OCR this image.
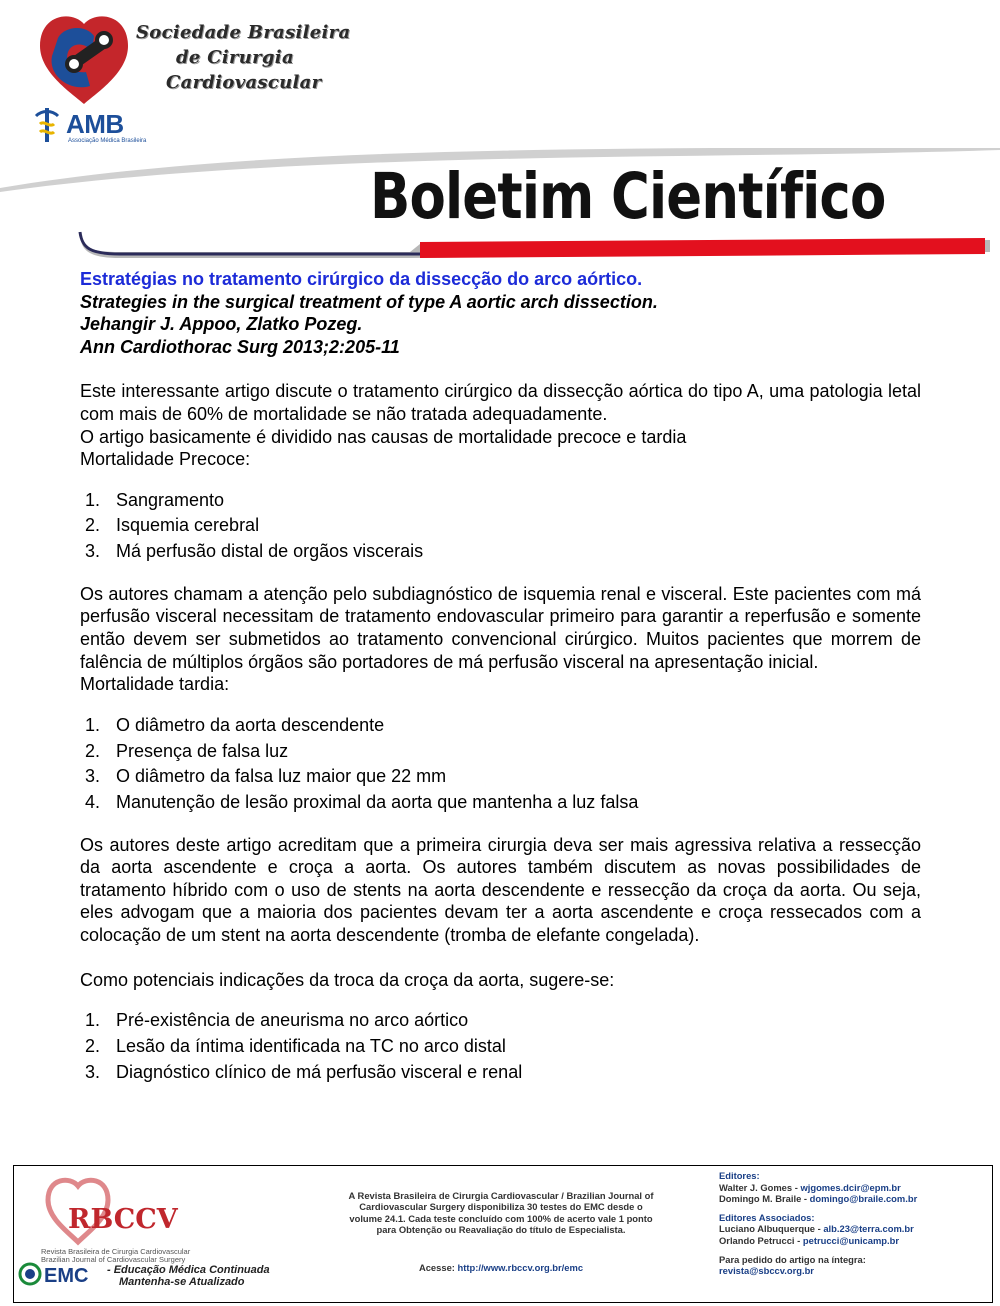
Sociedade Brasileira
de Cirurgia
Cardiovascular
AMB
Associação Médica Brasileira
Boletim Científico
Estratégias no tratamento cirúrgico da dissecção do arco aórtico.
Strategies in the surgical treatment of type A aortic arch dissection.
Jehangir J. Appoo, Zlatko Pozeg.
Ann Cardiothorac Surg 2013;2:205-11

Este interessante artigo discute o tratamento cirúrgico da dissecção aórtica do tipo A, uma patologia letal com mais de 60% de mortalidade se não tratada adequadamente.

O artigo basicamente é dividido nas causas de mortalidade precoce e tardia

Mortalidade Precoce:

1. Sangramento
2. Isquemia cerebral
3. Má perfusão distal de orgãos viscerais

Os autores chamam a atenção pelo subdiagnóstico de isquemia renal e visceral. Este pacientes com má perfusão visceral necessitam de tratamento endovascular primeiro para garantir a reperfusão e somente então devem ser submetidos ao tratamento convencional cirúrgico. Muitos pacientes que morrem de falência de múltiplos órgãos são portadores de má perfusão visceral na apresentação inicial.

Mortalidade tardia:

1. O diâmetro da aorta descendente
2. Presença de falsa luz
3. O diâmetro da falsa luz maior que 22 mm
4. Manutenção de lesão proximal da aorta que mantenha a luz falsa

Os autores deste artigo acreditam que a primeira cirurgia deva ser mais agressiva relativa a ressecção da aorta ascendente e croça a aorta. Os autores também discutem as novas possibilidades de tratamento híbrido com o uso de stents na aorta descendente e ressecção da croça da aorta. Ou seja, eles advogam que a maioria dos pacientes devam ter a aorta ascendente e croça ressecados com a colocação de um stent na aorta descendente (tromba de elefante congelada).

Como potenciais indicações da troca da croça da aorta, sugere-se:

1. Pré-existência de aneurisma no arco aórtico
2. Lesão da íntima identificada na TC no arco distal
3. Diagnóstico clínico de má perfusão visceral e renal
RBCCV
Revista Brasileira de Cirurgia Cardiovascular
Brazilian Journal of Cardiovascular Surgery
EMC - Educação Médica Continuada
Mantenha-se Atualizado
A Revista Brasileira de Cirurgia Cardiovascular / Brazilian Journal of Cardiovascular Surgery disponibiliza 30 testes do EMC desde o volume 24.1. Cada teste concluído com 100% de acerto vale 1 ponto para Obtenção ou Reavaliação do título de Especialista.
Acesse: http://www.rbccv.org.br/emc
Editores:
Walter J. Gomes - wjgomes.dcir@epm.br
Domingo M. Braile - domingo@braile.com.br
Editores Associados:
Luciano Albuquerque - alb.23@terra.com.br
Orlando Petrucci - petrucci@unicamp.br
Para pedido do artigo na íntegra:
revista@sbccv.org.br
